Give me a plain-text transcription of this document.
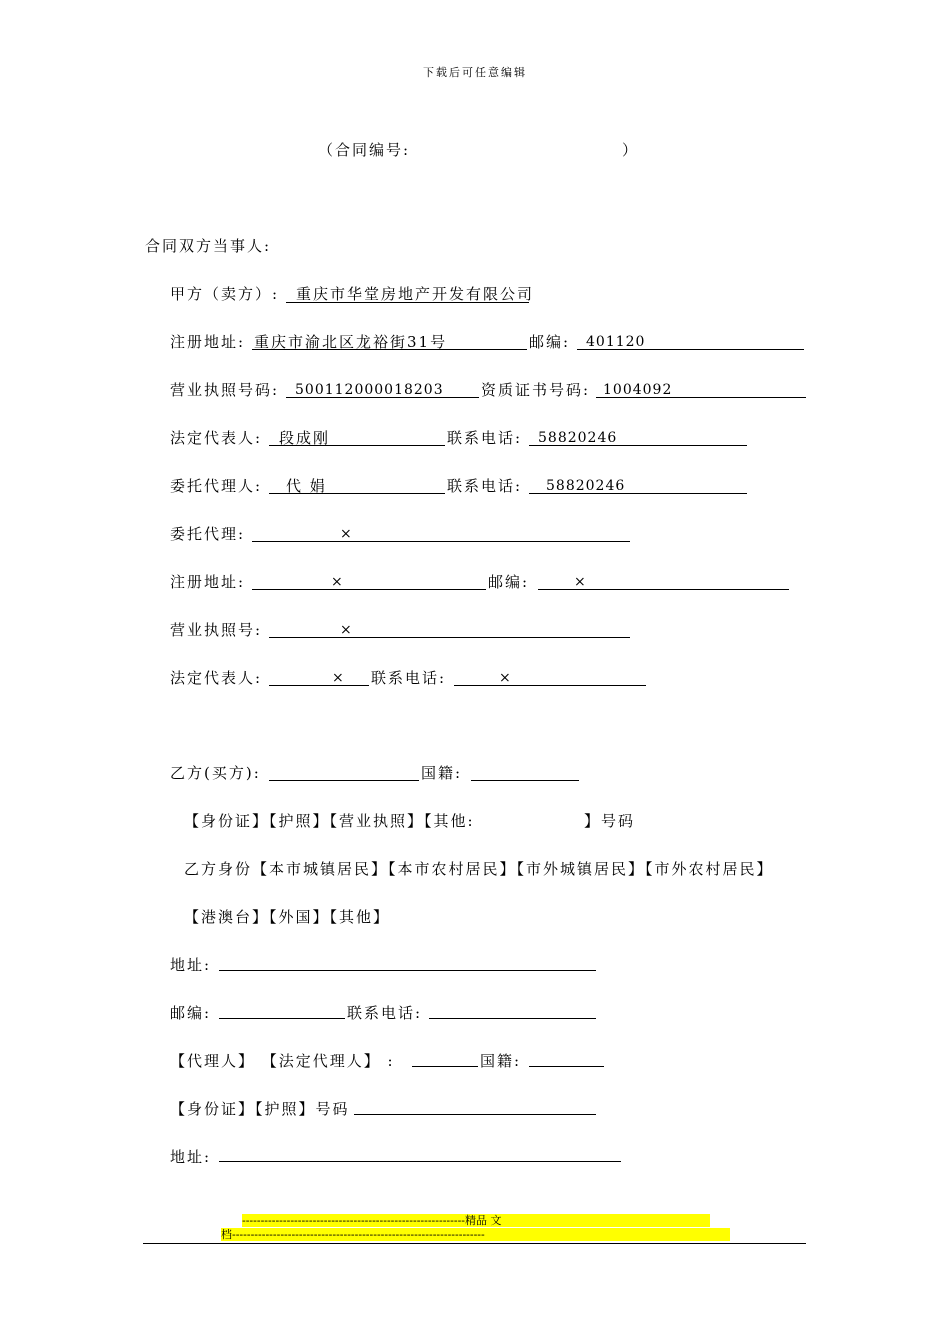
下载后可任意编辑
（合同编号:	）
合同双方当事人:
甲方（卖方）: 重庆市华堂房地产开发有限公司
注册地址: 重庆市渝北区龙裕街31号	邮编: 401120
营业执照号码: 500112000018203 资质证书号码: 1004092
法定代表人: 段成刚	联系电话: 58820246
委托代理人: 代 娟	联系电话: 58820246
委托代理:	×
注册地址:	×	邮编:	×
营业执照号:	×
法定代表人:	× 联系电话:	×
乙方(买方):	国籍:
【身份证】【护照】【营业执照】【其他:	】号码
乙方身份【本市城镇居民】【本市农村居民】【市外城镇居民】【市外农村居民】
【港澳台】【外国】【其他】
地址:
邮编:	联系电话:
【代理人】 【法定代理人】 :	国籍:
【身份证】【护照】号码
地址:
------------------------------------------------------------精品 文
档--------------------------------------------------------------------
